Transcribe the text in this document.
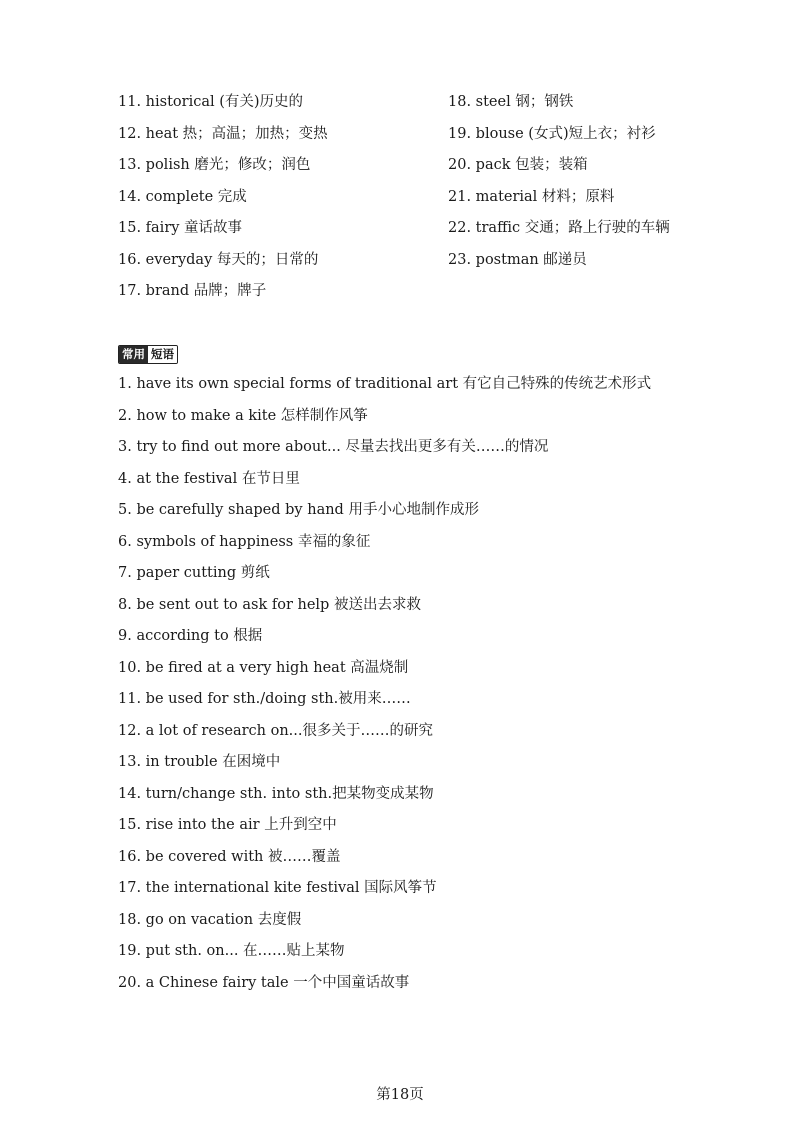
11. historical (有关)历史的
12. heat 热；高温；加热；变热
13. polish 磨光；修改；润色
14. complete 完成
15. fairy 童话故事
16. everyday 每天的；日常的
17. brand 品牌；牌子
18. steel 钢；钢铁
19. blouse (女式)短上衣；衬衫
20. pack 包装；装箱
21. material 材料；原料
22. traffic 交通；路上行驶的车辆
23. postman 邮递员
常用 短语
1. have its own special forms of traditional art 有它自己特殊的传统艺术形式
2. how to make a kite 怎样制作风筝
3. try to find out more about... 尽量去找出更多有关……的情况
4. at the festival 在节日里
5. be carefully shaped by hand 用手小心地制作成形
6. symbols of happiness 幸福的象征
7. paper cutting 剪纸
8. be sent out to ask for help 被送出去求救
9. according to 根据
10. be fired at a very high heat 高温烧制
11. be used for sth./doing sth.被用来……
12. a lot of research on...很多关于……的研究
13. in trouble 在困境中
14. turn/change sth. into sth.把某物变成某物
15. rise into the air 上升到空中
16. be covered with 被……覆盖
17. the international kite festival 国际风筝节
18. go on vacation 去度假
19. put sth. on... 在……贴上某物
20. a Chinese fairy tale 一个中国童话故事
第18页
